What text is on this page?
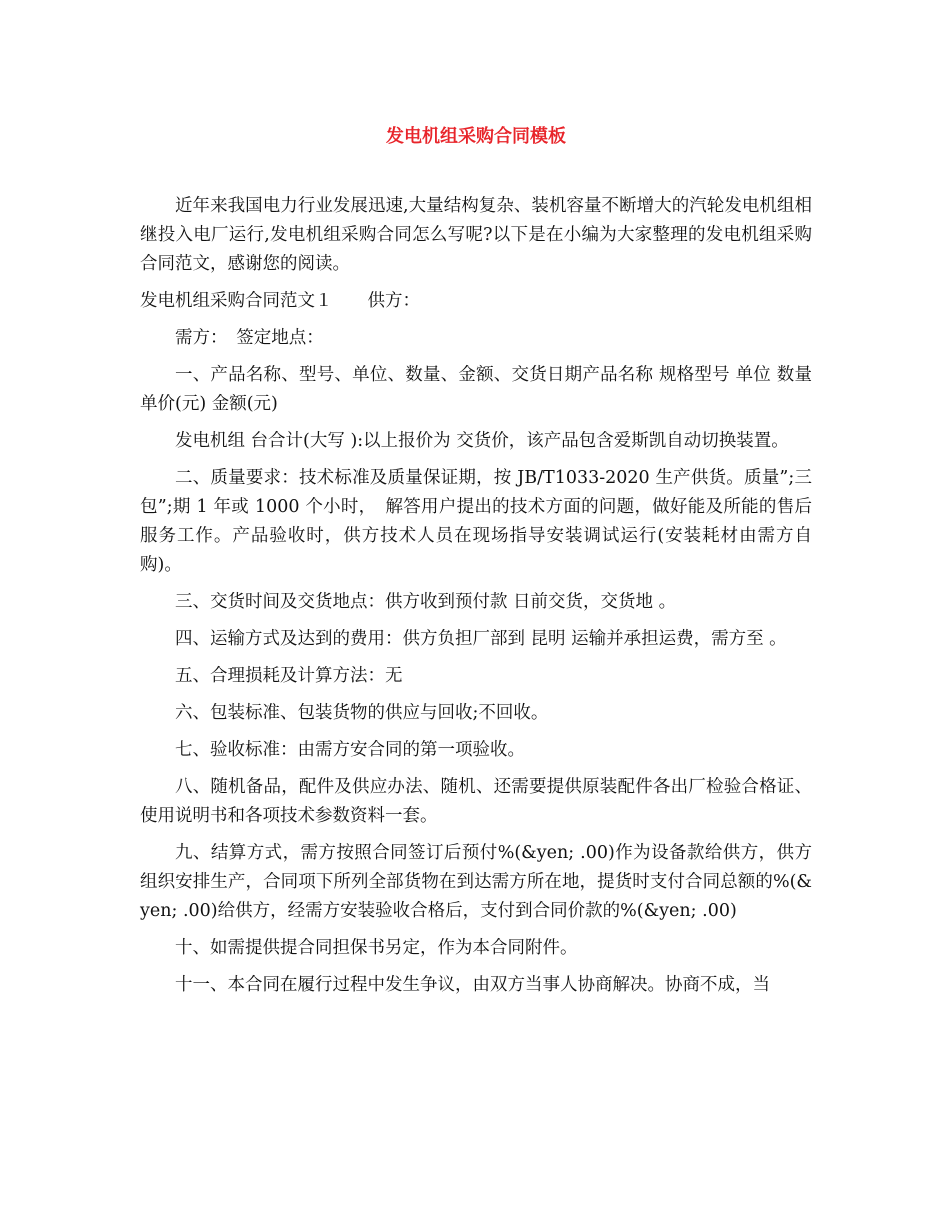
发电机组采购合同模板

近年来我国电力行业发展迅速,大量结构复杂、装机容量不断增大的汽轮发电机组相继投入电厂运行,发电机组采购合同怎么写呢?以下是在小编为大家整理的发电机组采购合同范文，感谢您的阅读。

发电机组采购合同范文１　　供方：

需方：　签定地点：

一、产品名称、型号、单位、数量、金额、交货日期产品名称 规格型号 单位 数量 单价(元) 金额(元)

发电机组 台合计(大写 ):以上报价为 交货价，该产品包含爱斯凯自动切换装置。

二、质量要求：技术标准及质量保证期，按 JB/T1033-2020 生产供货。质量”;三包”;期 1 年或 1000 个小时，　解答用户提出的技术方面的问题，做好能及所能的售后服务工作。产品验收时，供方技术人员在现场指导安装调试运行(安装耗材由需方自购)。

三、交货时间及交货地点：供方收到预付款 日前交货，交货地 。

四、运输方式及达到的费用：供方负担厂部到 昆明 运输并承担运费，需方至 。

五、合理损耗及计算方法：无

六、包装标准、包装货物的供应与回收;不回收。

七、验收标准：由需方安合同的第一项验收。

八、随机备品，配件及供应办法、随机、还需要提供原装配件各出厂检验合格证、使用说明书和各项技术参数资料一套。

九、结算方式，需方按照合同签订后预付%(&yen; .00)作为设备款给供方，供方组织安排生产，合同项下所列全部货物在到达需方所在地，提货时支付合同总额的%(&yen; .00)给供方，经需方安装验收合格后，支付到合同价款的%(&yen; .00)

十、如需提供提合同担保书另定，作为本合同附件。

十一、本合同在履行过程中发生争议，由双方当事人协商解决。协商不成，当
